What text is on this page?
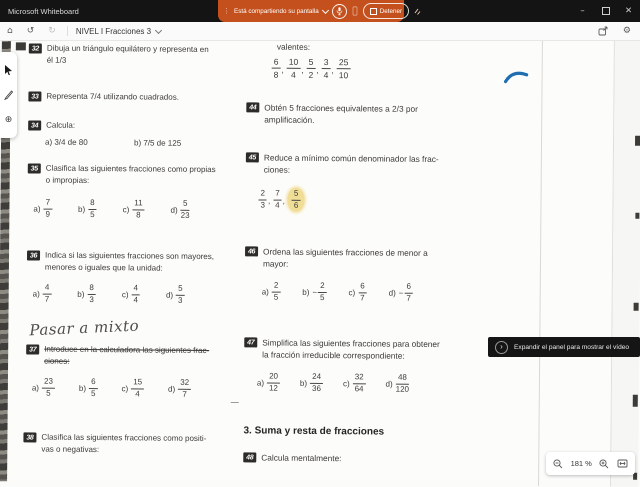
Microsoft Whiteboard	–	✕
⋮ Está compartiendo su pantalla	Detener
⌂ ↺ ↻	NIVEL I Fracciones 3	⚙
32 Dibuja un triángulo equilátero y representa en
él 1/3
33 Representa 7/4 utilizando cuadrados.
34 Calcula:
a) 3/4 de 80	b) 7/5 de 125
35 Clasifica las siguientes fracciones como propias
o impropias:
$a) \frac{7}{9}$	$b) \frac{8}{5}$	$c) \frac{11}{8}$	$d) \frac{5}{23}$
36 Indica si las siguientes fracciones son mayores,
menores o iguales que la unidad:
$a) \frac{4}{7}$	$b) \frac{8}{3}$	$c) \frac{4}{4}$	$d) \frac{5}{3}$
Pasar a mixto
37 Introduce en la calculadora las siguientes frac-
ciones:
$a) \frac{23}{5}$	$b) \frac{6}{5}$	$c) \frac{15}{4}$	$d) \frac{32}{7}$
38 Clasifica las siguientes fracciones como positi-
vas o negativas:
valentes:
$\frac{6}{8}$ , $\frac{10}{4}$ , $\frac{5}{2}$ , $\frac{3}{4}$ , $\frac{25}{10}$
44 Obtén 5 fracciones equivalentes a 2/3 por
amplificación.
45 Reduce a mínimo común denominador las frac-
ciones:
$\frac{2}{3}$ , $\frac{7}{4}$ , $\frac{5}{6}$
46 Ordena las siguientes fracciones de menor a
mayor:
$a) \frac{2}{5}$	$b) - \frac{2}{5}$	$c) \frac{6}{7}$	$d) - \frac{6}{7}$
47 Simplifica las siguientes fracciones para obtener
la fracción irreducible correspondiente:
$a) \frac{20}{12} b) \frac{24}{36} c) \frac{32}{64} d) \frac{48}{120}$
—
3. Suma y resta de fracciones
48 Calcula mentalmente:
⊕
›	Expandir el panel para mostrar el vídeo
181 %
